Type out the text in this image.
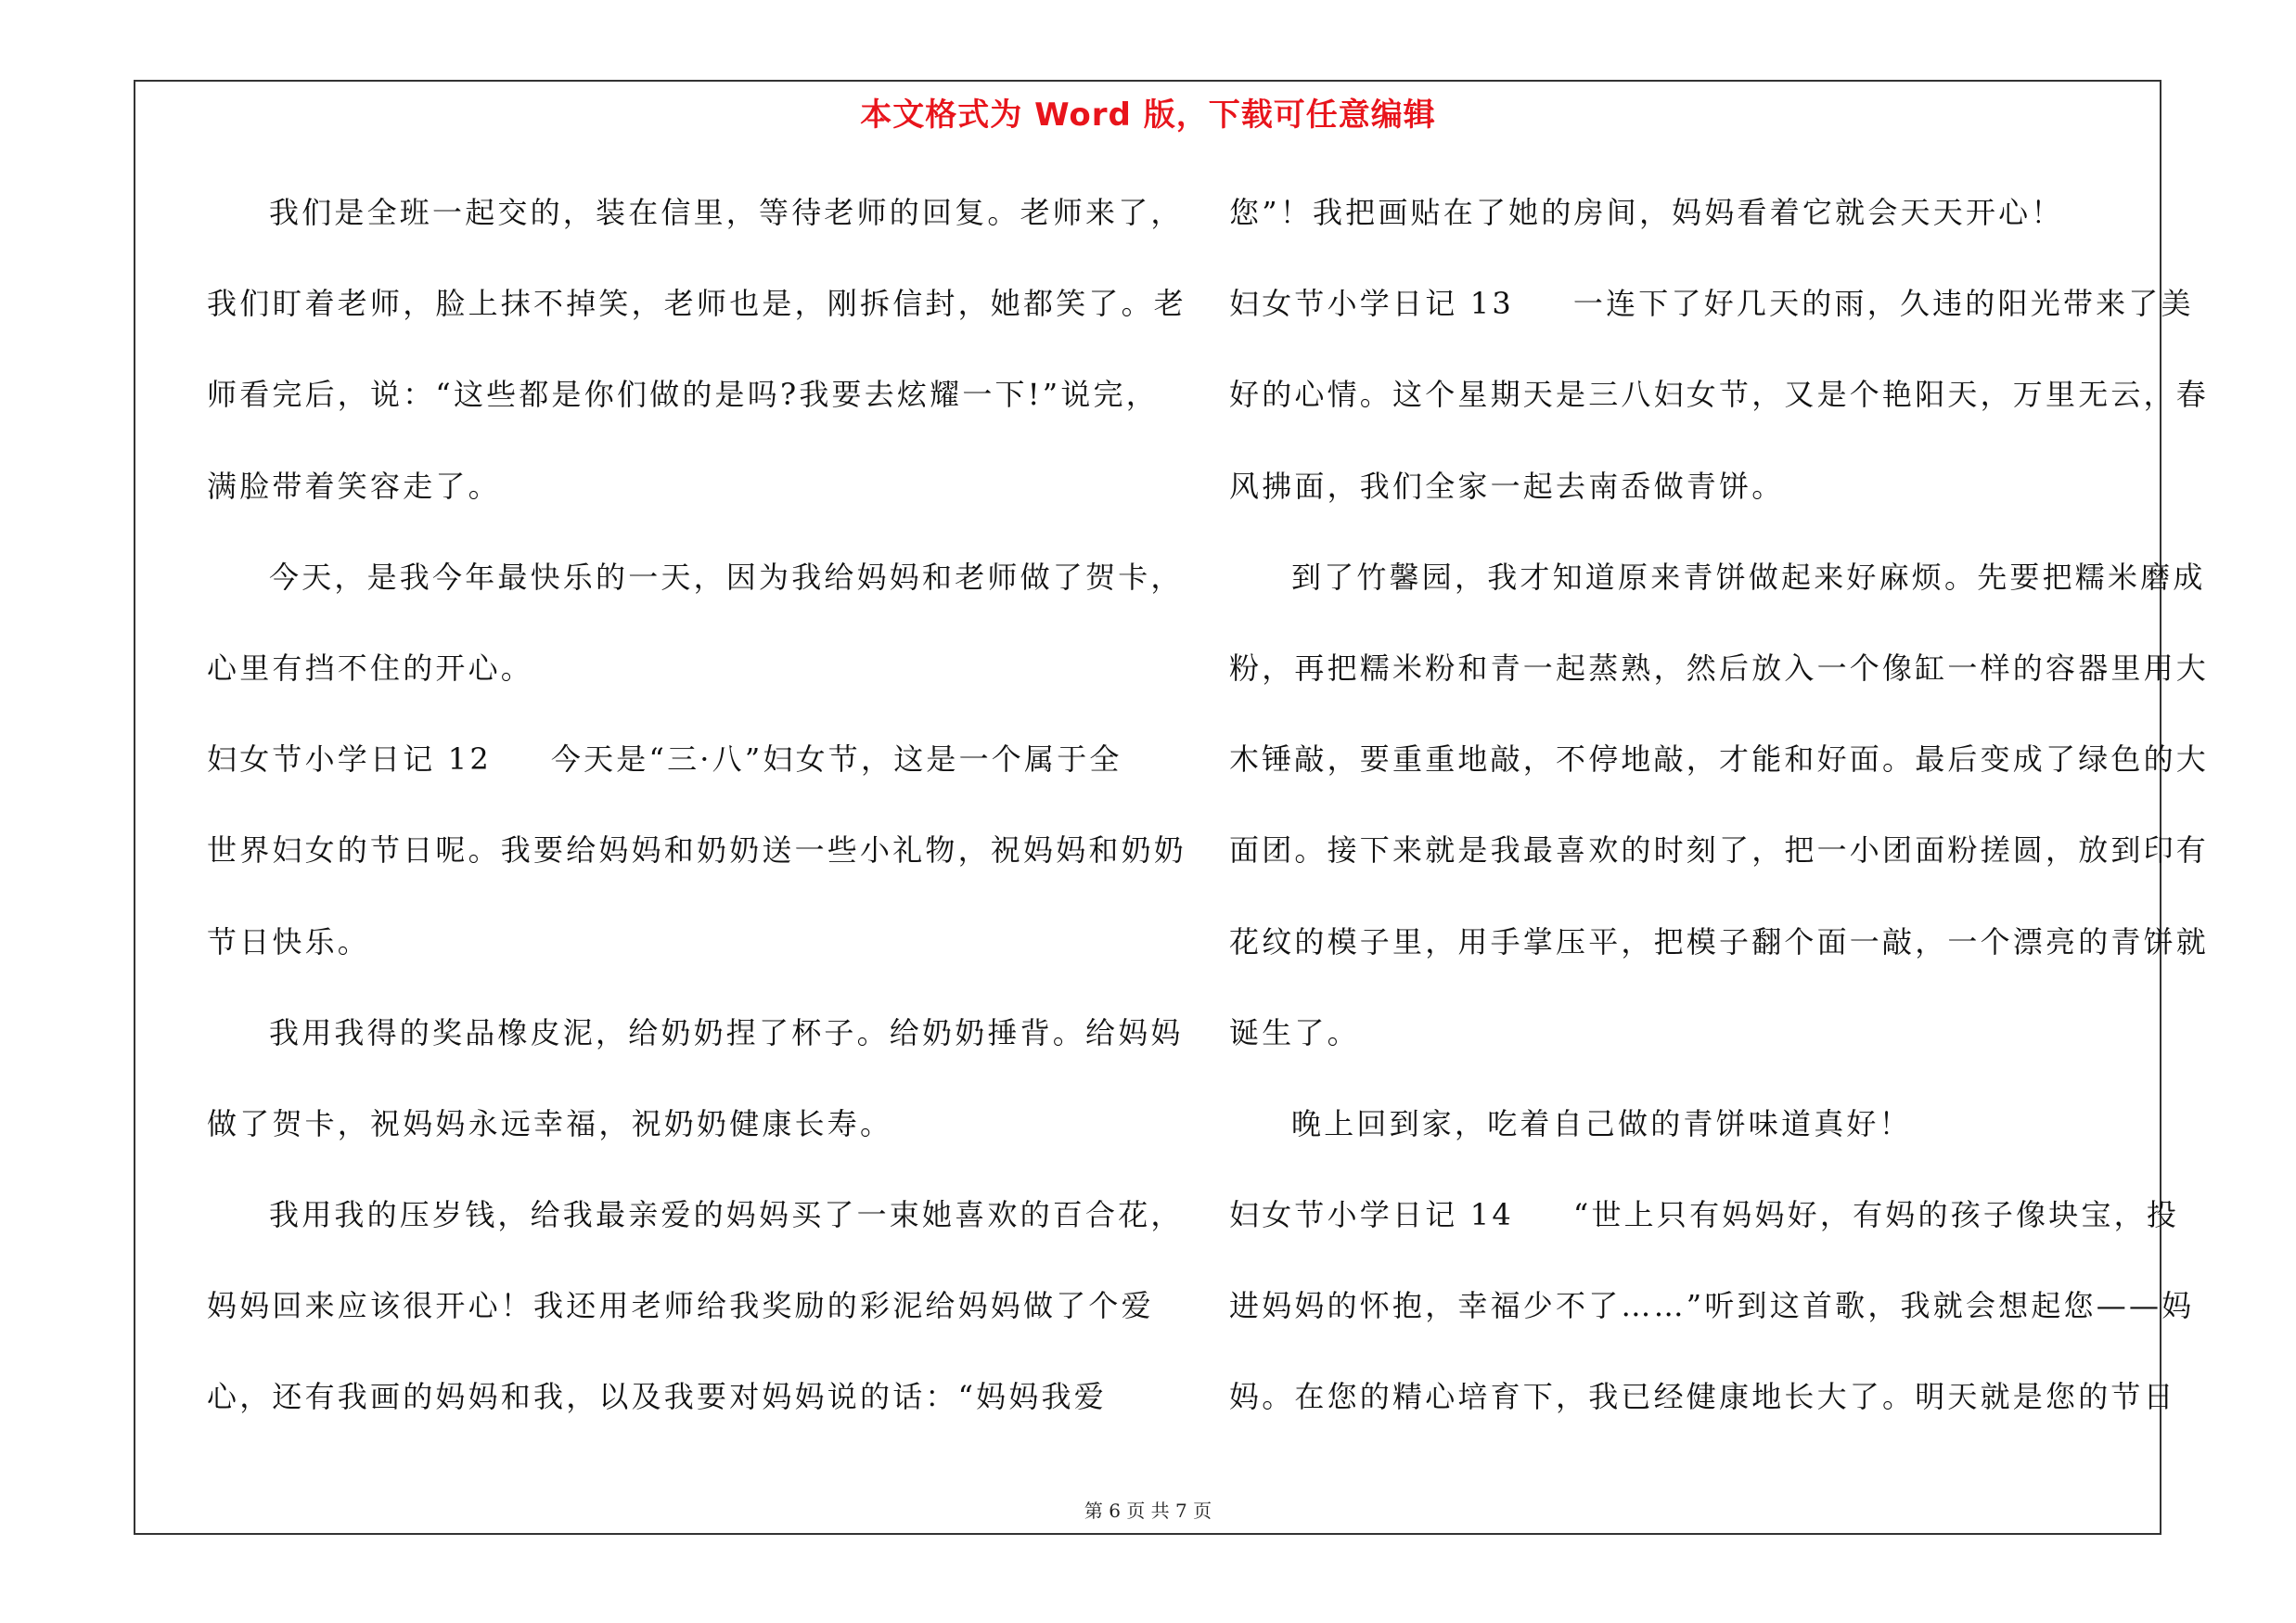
本文格式为 Word 版，下载可任意编辑
我们是全班一起交的，装在信里，等待老师的回复。老师来了，
我们盯着老师，脸上抹不掉笑，老师也是，刚拆信封，她都笑了。老
师看完后，说：“这些都是你们做的是吗?我要去炫耀一下!”说完，
满脸带着笑容走了。
今天，是我今年最快乐的一天，因为我给妈妈和老师做了贺卡，
心里有挡不住的开心。
妇女节小学日记 12 今天是“三·八”妇女节，这是一个属于全
世界妇女的节日呢。我要给妈妈和奶奶送一些小礼物，祝妈妈和奶奶
节日快乐。
我用我得的奖品橡皮泥，给奶奶捏了杯子。给奶奶捶背。给妈妈
做了贺卡，祝妈妈永远幸福，祝奶奶健康长寿。
我用我的压岁钱，给我最亲爱的妈妈买了一束她喜欢的百合花，
妈妈回来应该很开心！我还用老师给我奖励的彩泥给妈妈做了个爱
心，还有我画的妈妈和我，以及我要对妈妈说的话：“妈妈我爱
您”！我把画贴在了她的房间，妈妈看着它就会天天开心！
妇女节小学日记 13 一连下了好几天的雨，久违的阳光带来了美
好的心情。这个星期天是三八妇女节，又是个艳阳天，万里无云，春
风拂面，我们全家一起去南岙做青饼。
到了竹馨园，我才知道原来青饼做起来好麻烦。先要把糯米磨成
粉，再把糯米粉和青一起蒸熟，然后放入一个像缸一样的容器里用大
木锤敲，要重重地敲，不停地敲，才能和好面。最后变成了绿色的大
面团。接下来就是我最喜欢的时刻了，把一小团面粉搓圆，放到印有
花纹的模子里，用手掌压平，把模子翻个面一敲，一个漂亮的青饼就
诞生了。
晚上回到家，吃着自己做的青饼味道真好！
妇女节小学日记 14 “世上只有妈妈好，有妈的孩子像块宝，投
进妈妈的怀抱，幸福少不了……”听到这首歌，我就会想起您——妈
妈。在您的精心培育下，我已经健康地长大了。明天就是您的节日
第 6 页 共 7 页
